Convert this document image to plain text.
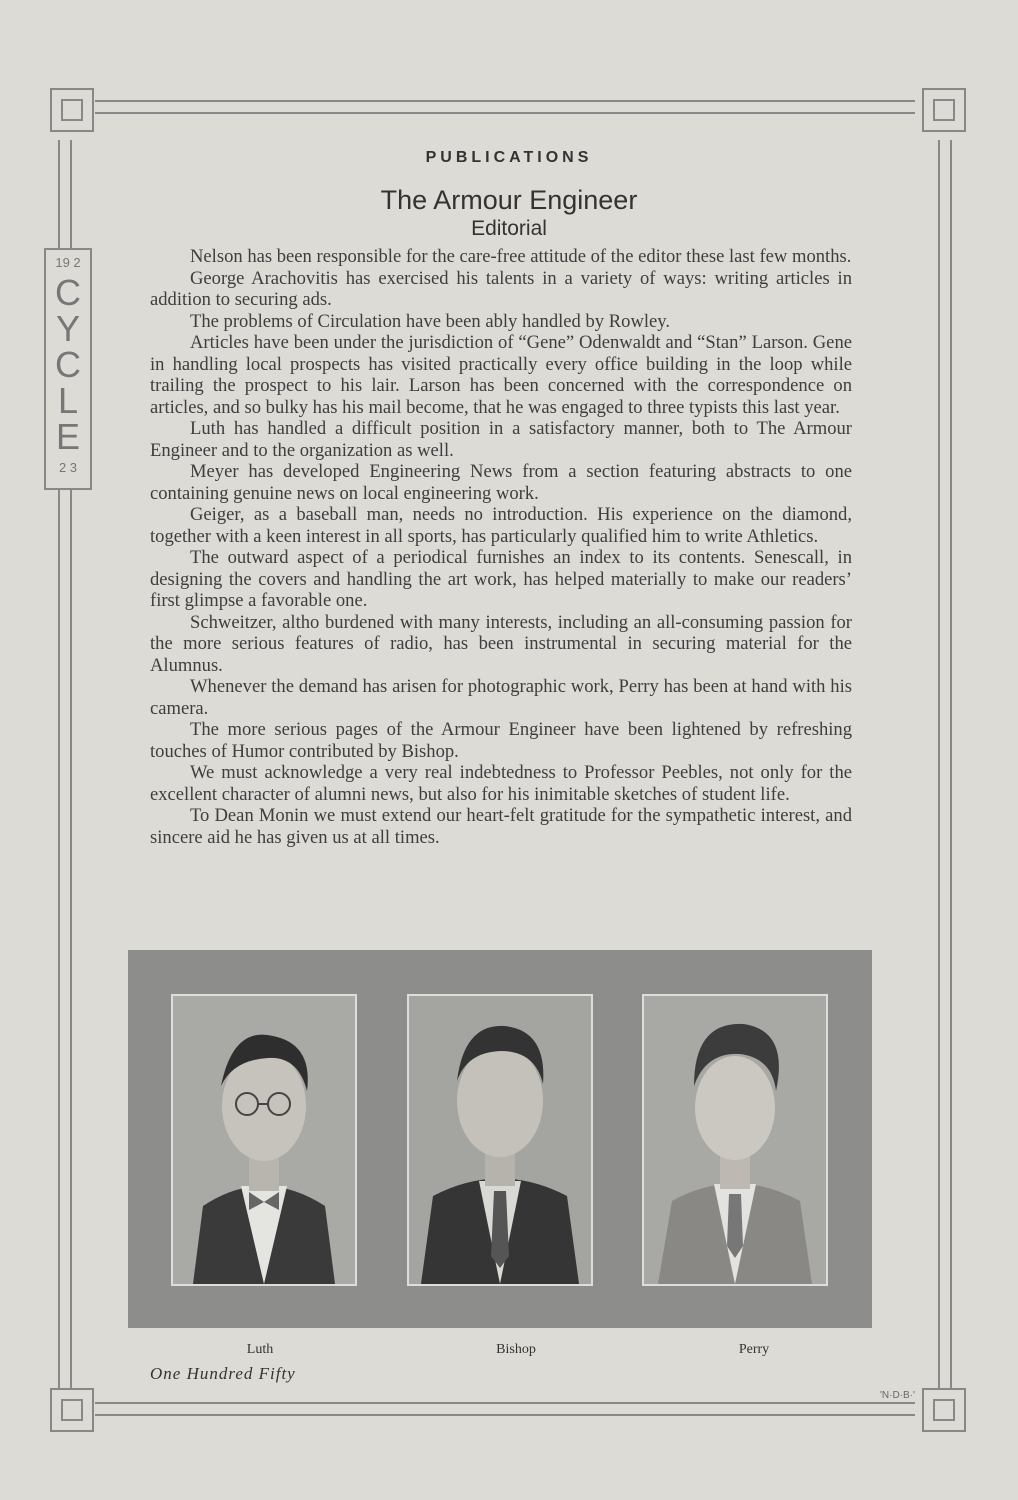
19 2
C
Y
C
L
E
2 3
PUBLICATIONS
The Armour Engineer
Editorial

Nelson has been responsible for the care-free attitude of the editor these last few months.

George Arachovitis has exercised his talents in a variety of ways: writing articles in addition to securing ads.

The problems of Circulation have been ably handled by Rowley.

Articles have been under the jurisdiction of “Gene” Odenwaldt and “Stan” Larson. Gene in handling local prospects has visited practically every office building in the loop while trailing the prospect to his lair. Larson has been concerned with the correspondence on articles, and so bulky has his mail become, that he was engaged to three typists this last year.

Luth has handled a difficult position in a satisfactory manner, both to The Armour Engineer and to the organization as well.

Meyer has developed Engineering News from a section featuring abstracts to one containing genuine news on local engineering work.

Geiger, as a baseball man, needs no introduction. His experience on the diamond, together with a keen interest in all sports, has particularly qualified him to write Athletics.

The outward aspect of a periodical furnishes an index to its contents. Senescall, in designing the covers and handling the art work, has helped materially to make our readers’ first glimpse a favorable one.

Schweitzer, altho burdened with many interests, including an all-consuming passion for the more serious features of radio, has been instrumental in securing material for the Alumnus.

Whenever the demand has arisen for photographic work, Perry has been at hand with his camera.

The more serious pages of the Armour Engineer have been lightened by refreshing touches of Humor contributed by Bishop.

We must acknowledge a very real indebtedness to Professor Peebles, not only for the excellent character of alumni news, but also for his inimitable sketches of student life.

To Dean Monin we must extend our heart-felt gratitude for the sympathetic interest, and sincere aid he has given us at all times.

Luth	Bishop	Perry
One Hundred Fifty
'N·D·B·'
